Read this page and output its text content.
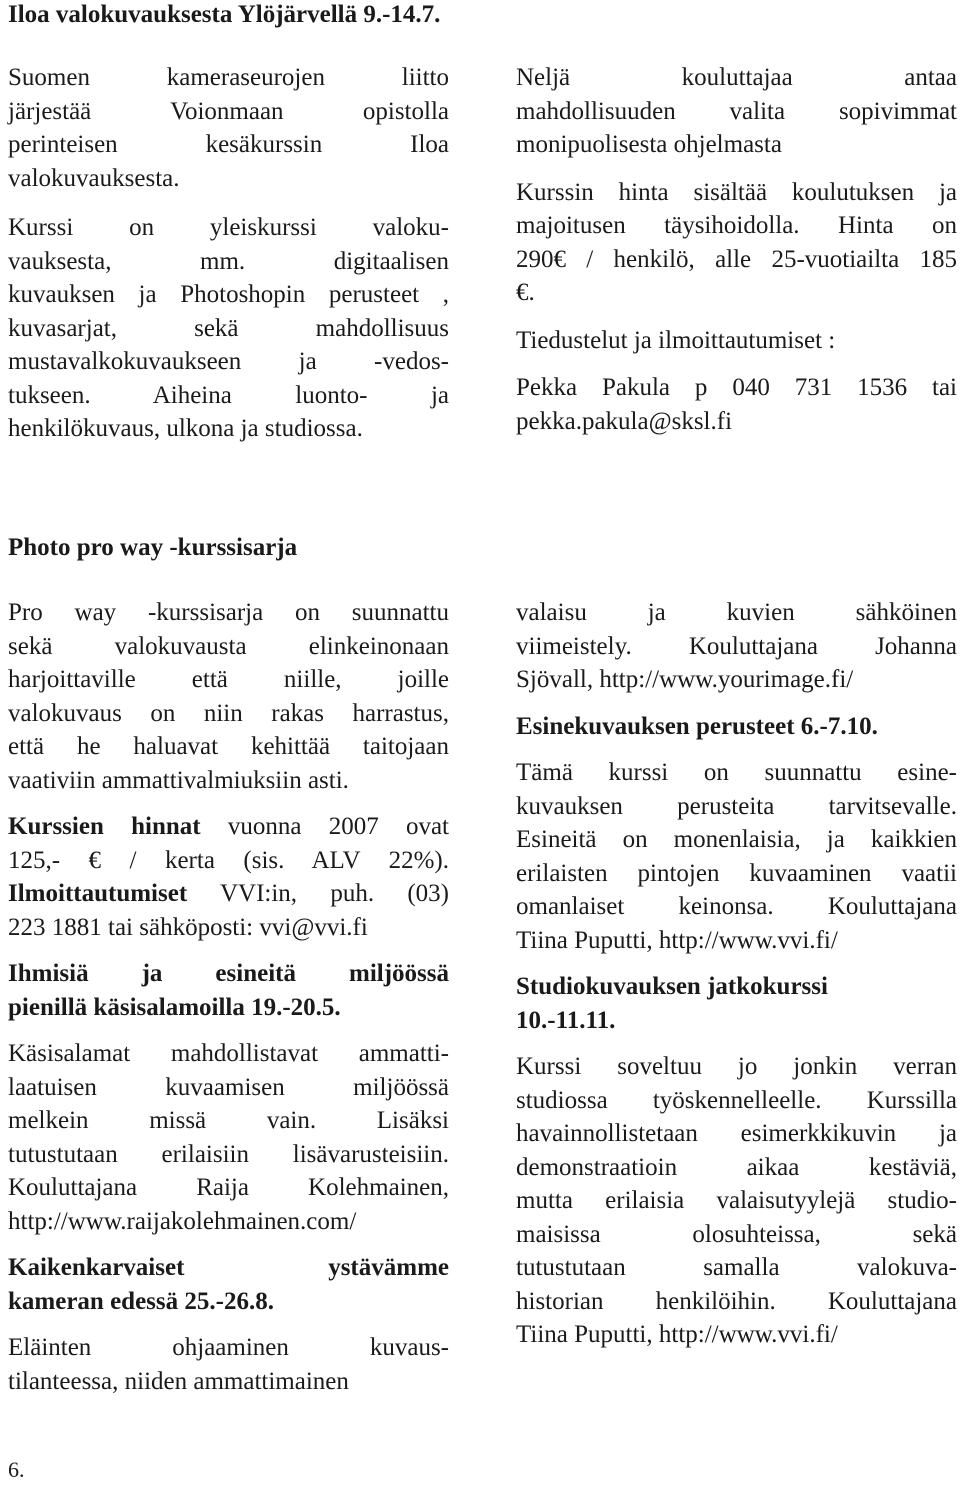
Iloa valokuvauksesta Ylöjärvellä 9.-14.7.
Suomen kameraseurojen liitto
järjestää Voionmaan opistolla
perinteisen kesäkurssin Iloa
valokuvauksesta.
Kurssi on yleiskurssi valoku-
vauksesta, mm. digitaalisen
kuvauksen ja Photoshopin perusteet ,
kuvasarjat, sekä mahdollisuus
mustavalkokuvaukseen ja -vedos-
tukseen. Aiheina luonto- ja
henkilökuvaus, ulkona ja studiossa.
Neljä kouluttajaa antaa
mahdollisuuden valita sopivimmat
monipuolisesta ohjelmasta
Kurssin hinta sisältää koulutuksen ja
majoitusen täysihoidolla. Hinta on
290€ / henkilö, alle 25-vuotiailta 185
€.
Tiedustelut ja ilmoittautumiset :
Pekka Pakula p 040 731 1536 tai
pekka.pakula@sksl.fi
Photo pro way -kurssisarja
Pro way -kurssisarja on suunnattu
sekä valokuvausta elinkeinonaan
harjoittaville että niille, joille
valokuvaus on niin rakas harrastus,
että he haluavat kehittää taitojaan
vaativiin ammattivalmiuksiin asti.
Kurssien hinnat vuonna 2007 ovat
125,- € / kerta (sis. ALV 22%).
Ilmoittautumiset VVI:in, puh. (03)
223 1881 tai sähköposti: vvi@vvi.fi
Ihmisiä ja esineitä miljöössä
pienillä käsisalamoilla 19.-20.5.
Käsisalamat mahdollistavat ammatti-
laatuisen kuvaamisen miljöössä
melkein missä vain. Lisäksi
tutustutaan erilaisiin lisävarusteisiin.
Kouluttajana Raija Kolehmainen,
http://www.raijakolehmainen.com/
Kaikenkarvaiset ystävämme
kameran edessä 25.-26.8.
Eläinten ohjaaminen kuvaus-
tilanteessa, niiden ammattimainen
valaisu ja kuvien sähköinen
viimeistely. Kouluttajana Johanna
Sjövall, http://www.yourimage.fi/
Esinekuvauksen perusteet 6.-7.10.
Tämä kurssi on suunnattu esine-
kuvauksen perusteita tarvitsevalle.
Esineitä on monenlaisia, ja kaikkien
erilaisten pintojen kuvaaminen vaatii
omanlaiset keinonsa. Kouluttajana
Tiina Puputti, http://www.vvi.fi/
Studiokuvauksen jatkokurssi
10.-11.11.
Kurssi soveltuu jo jonkin verran
studiossa työskennelleelle. Kurssilla
havainnollistetaan esimerkkikuvin ja
demonstraatioin aikaa kestäviä,
mutta erilaisia valaisutyylejä studio-
maisissa olosuhteissa, sekä
tutustutaan samalla valokuva-
historian henkilöihin. Kouluttajana
Tiina Puputti, http://www.vvi.fi/
6.
